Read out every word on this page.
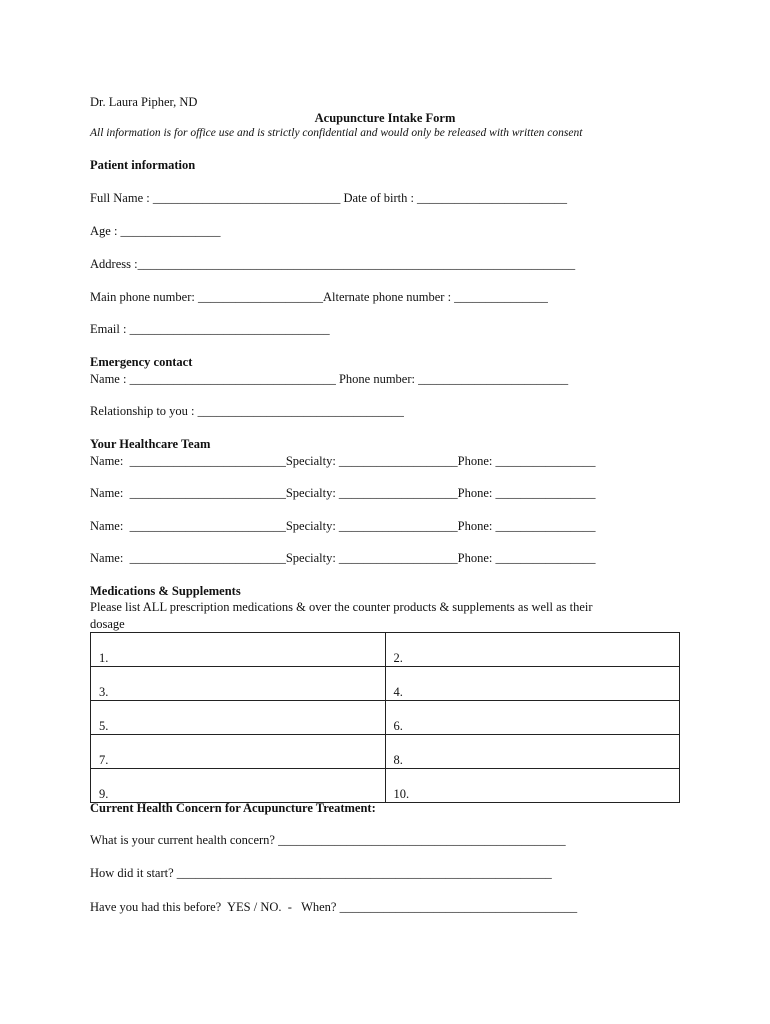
Dr. Laura Pipher, ND
Acupuncture Intake Form
All information is for office use and is strictly confidential and would only be released with written consent
Patient information
Full Name : ______________________________ Date of birth : ________________________
Age : ________________
Address :______________________________________________________________________
Main phone number: ____________________Alternate phone number : _______________
Email : ________________________________
Emergency contact
Name : _________________________________ Phone number: ________________________
Relationship to you : _________________________________
Your Healthcare Team
Name:  _________________________Specialty: ___________________Phone: ________________
Name:  _________________________Specialty: ___________________Phone: ________________
Name:  _________________________Specialty: ___________________Phone: ________________
Name:  _________________________Specialty: ___________________Phone: ________________
Medications & Supplements
Please list ALL prescription medications & over the counter products & supplements as well as their
dosage
1.	2.
3.	4.
5.	6.
7.	8.
9.	10.
Current Health Concern for Acupuncture Treatment:
What is your current health concern? ______________________________________________
How did it start? ____________________________________________________________
Have you had this before?  YES / NO.  -   When? ______________________________________
